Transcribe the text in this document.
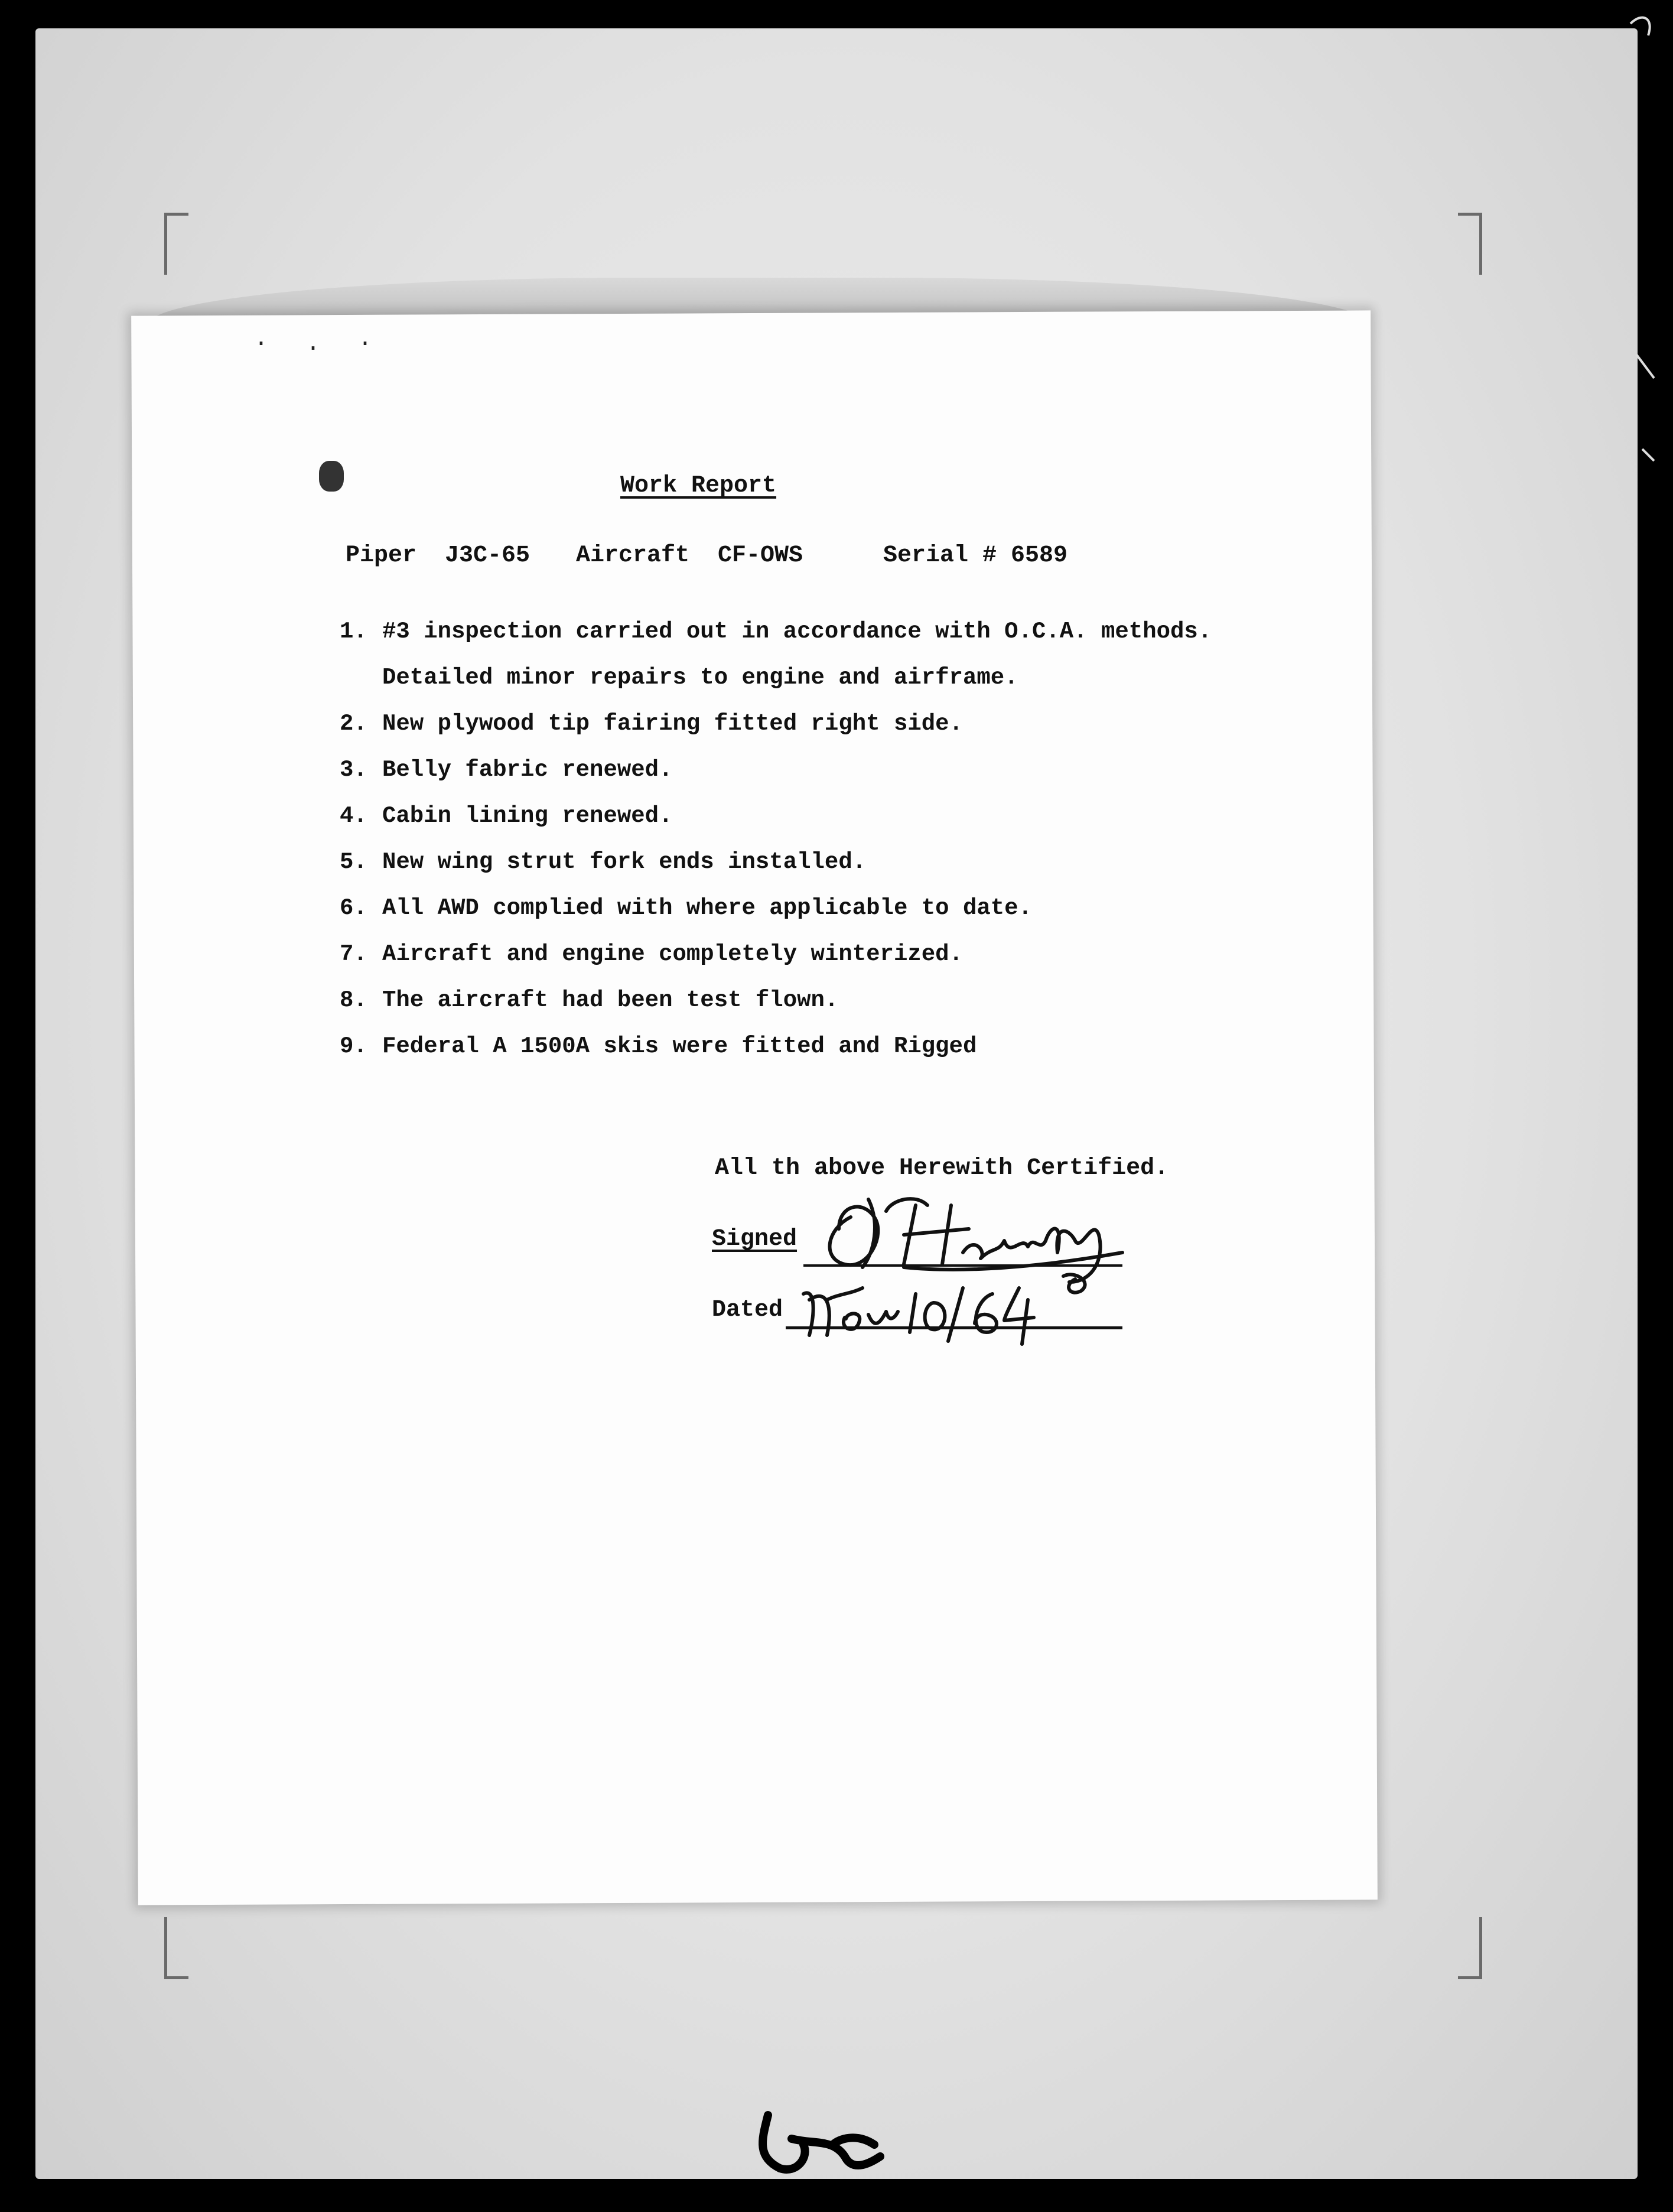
· . ·
Work Report
Piper  J3C-65	Aircraft  CF-OWS	Serial # 6589
1. #3 inspection carried out in accordance with O.C.A. methods. Detailed minor repairs to engine and airframe.
2. New plywood tip fairing fitted right side.
3. Belly fabric renewed.
4. Cabin lining renewed.
5. New wing strut fork ends installed.
6. All AWD complied with where applicable to date.
7. Aircraft and engine completely winterized.
8. The aircraft had been test flown.
9. Federal A 1500A skis were fitted and Rigged
All th above Herewith Certified.
Signed
Dated
